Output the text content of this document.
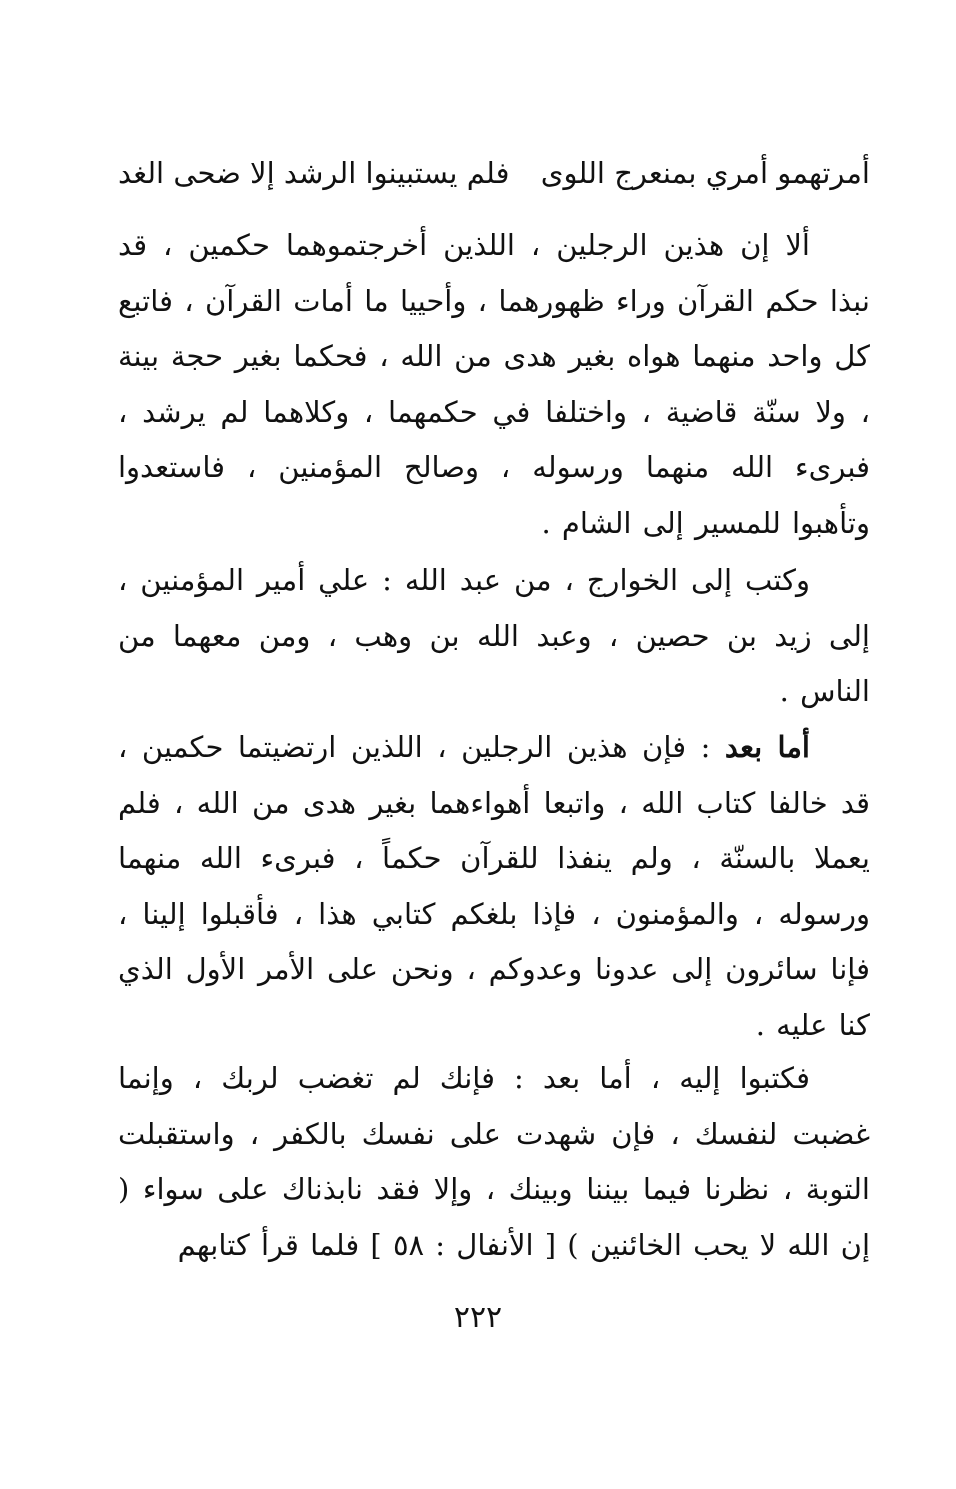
أمرتهمو أمري بمنعرج اللوى
فلم يستبينوا الرشد إلا ضحى الغد

ألا إن هذين الرجلين ، اللذين أخرجتموهما حكمين ، قد نبذا حكم القرآن وراء ظهورهما ، وأحييا ما أمات القرآن ، فاتبع كل واحد منهما هواه بغير هدى من الله ، فحكما بغير حجة بينة ، ولا سنّة قاضية ، واختلفا في حكمهما ، وكلاهما لم يرشد ، فبرىء الله منهما ورسوله ، وصالح المؤمنين ، فاستعدوا وتأهبوا للمسير إلى الشام .

وكتب إلى الخوارج ، من عبد الله : علي أمير المؤمنين ، إلى زيد بن حصين ، وعبد الله بن وهب ، ومن معهما من الناس .

أما بعد : فإن هذين الرجلين ، اللذين ارتضيتما حكمين ، قد خالفا كتاب الله ، واتبعا أهواءهما بغير هدى من الله ، فلم يعملا بالسنّة ، ولم ينفذا للقرآن حكماً ، فبرىء الله منهما ورسوله ، والمؤمنون ، فإذا بلغكم كتابي هذا ، فأقبلوا إلينا ، فإنا سائرون إلى عدونا وعدوكم ، ونحن على الأمر الأول الذي كنا عليه .

فكتبوا إليه ، أما بعد : فإنك لم تغضب لربك ، وإنما غضبت لنفسك ، فإن شهدت على نفسك بالكفر ، واستقبلت التوبة ، نظرنا فيما بيننا وبينك ، وإلا فقد نابذناك على سواء ( إن الله لا يحب الخائنين ) [ الأنفال : ٥٨ ] فلما قرأ كتابهم

٢٢٢
